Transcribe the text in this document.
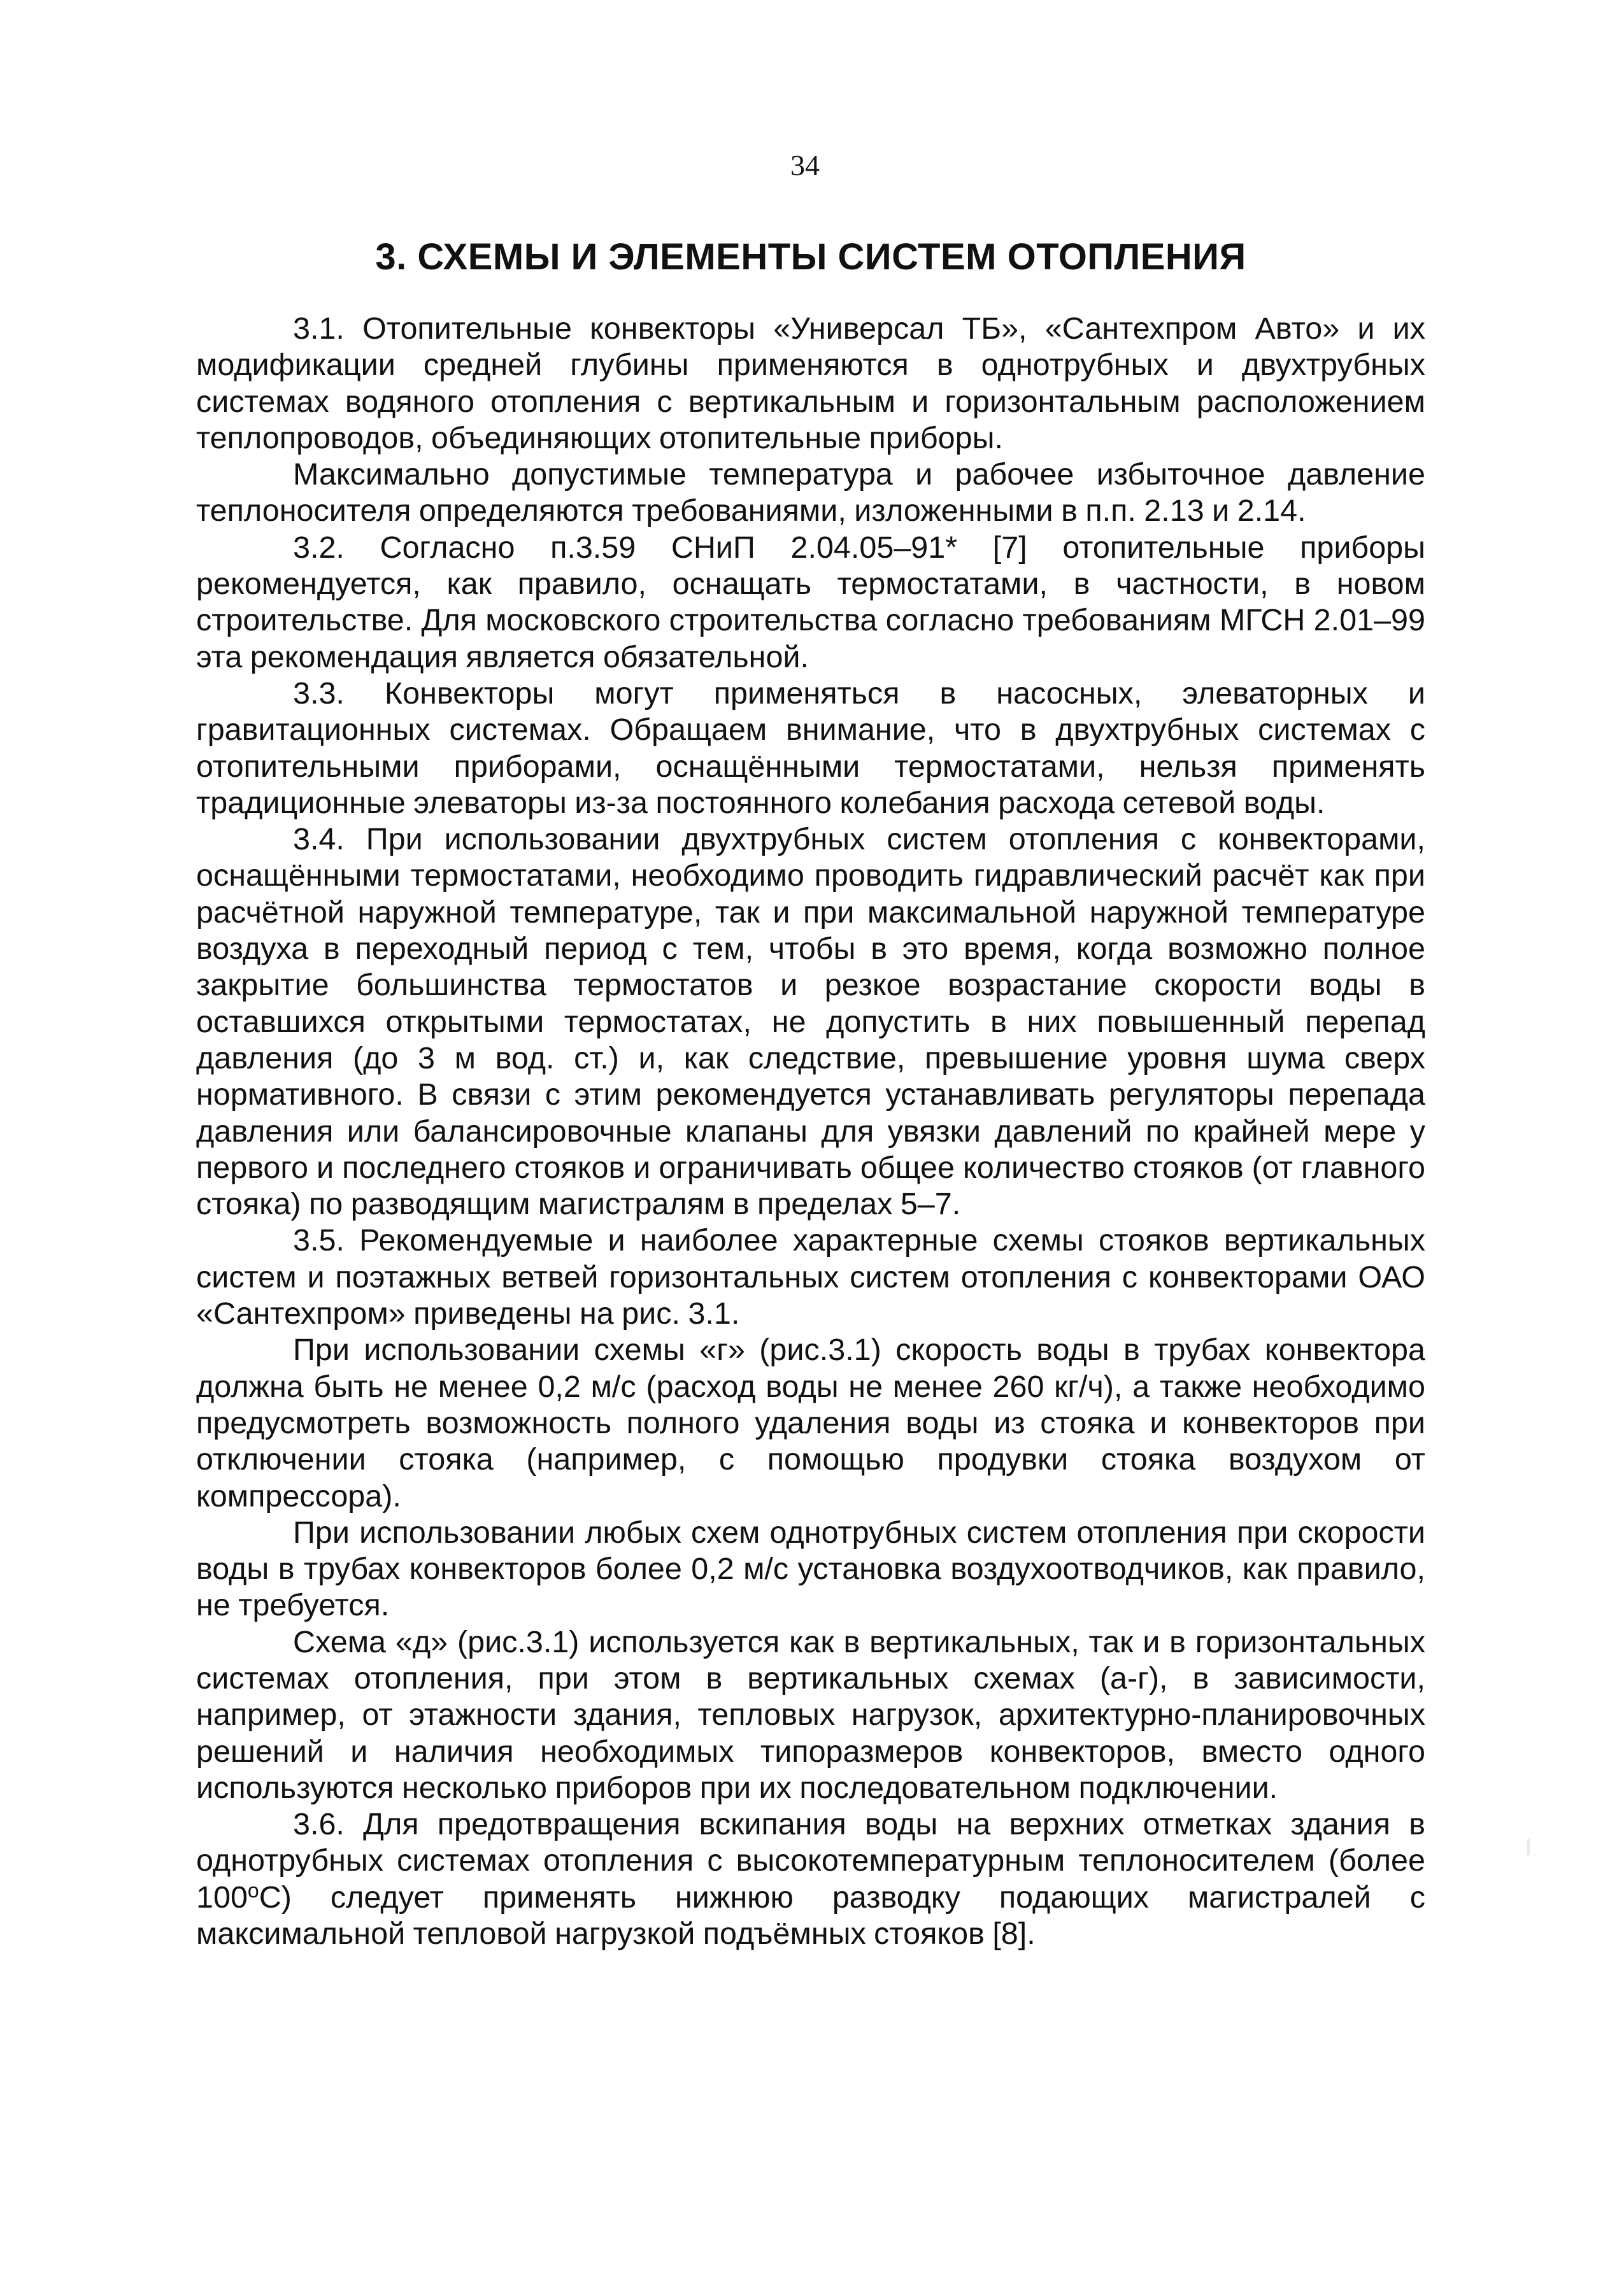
34
3. СХЕМЫ И ЭЛЕМЕНТЫ СИСТЕМ ОТОПЛЕНИЯ

3.1. Отопительные конвекторы «Универсал ТБ», «Сантехпром Авто» и их модификации средней глубины применяются в однотрубных и двухтрубных системах водяного отопления с вертикальным и горизонтальным расположением теплопроводов, объединяющих отопительные приборы.

Максимально допустимые температура и рабочее избыточное давление теплоносителя определяются требованиями, изложенными в п.п. 2.13 и 2.14.

3.2. Согласно п.3.59 СНиП 2.04.05–91* [7] отопительные приборы рекомендуется, как правило, оснащать термостатами, в частности, в новом строительстве. Для московского строительства согласно требованиям МГСН 2.01–99 эта рекомендация является обязательной.

3.3. Конвекторы могут применяться в насосных, элеваторных и гравитационных системах. Обращаем внимание, что в двухтрубных системах с отопительными приборами, оснащёнными термостатами, нельзя применять традиционные элеваторы из-за постоянного колебания расхода сетевой воды.

3.4. При использовании двухтрубных систем отопления с конвекторами, оснащёнными термостатами, необходимо проводить гидравлический расчёт как при расчётной наружной температуре, так и при максимальной наружной температуре воздуха в переходный период с тем, чтобы в это время, когда возможно полное закрытие большинства термостатов и резкое возрастание скорости воды в оставшихся открытыми термостатах, не допустить в них повышенный перепад давления (до 3 м вод. ст.) и, как следствие, превышение уровня шума сверх нормативного. В связи с этим рекомендуется устанавливать регуляторы перепада давления или балансировочные клапаны для увязки давлений по крайней мере у первого и последнего стояков и ограничивать общее количество стояков (от главного стояка) по разводящим магистралям в пределах 5–7.

3.5. Рекомендуемые и наиболее характерные схемы стояков вертикальных систем и поэтажных ветвей горизонтальных систем отопления с конвекторами ОАО «Сантехпром» приведены на рис. 3.1.

При использовании схемы «г» (рис.3.1) скорость воды в трубах конвектора должна быть не менее 0,2 м/с (расход воды не менее 260 кг/ч), а также необходимо предусмотреть возможность полного удаления воды из стояка и конвекторов при отключении стояка (например, с помощью продувки стояка воздухом от компрессора).

При использовании любых схем однотрубных систем отопления при скорости воды в трубах конвекторов более 0,2 м/с установка воздухоотводчиков, как правило, не требуется.

Схема «д» (рис.3.1) используется как в вертикальных, так и в горизонтальных системах отопления, при этом в вертикальных схемах (а-г), в зависимости, например, от этажности здания, тепловых нагрузок, архитектурно-планировочных решений и наличия необходимых типоразмеров конвекторов, вместо одного используются несколько приборов при их последовательном подключении.

3.6. Для предотвращения вскипания воды на верхних отметках здания в однотрубных системах отопления с высокотемпературным теплоносителем (более 100$^o$С) следует применять нижнюю разводку подающих магистралей с максимальной тепловой нагрузкой подъёмных стояков [8].
